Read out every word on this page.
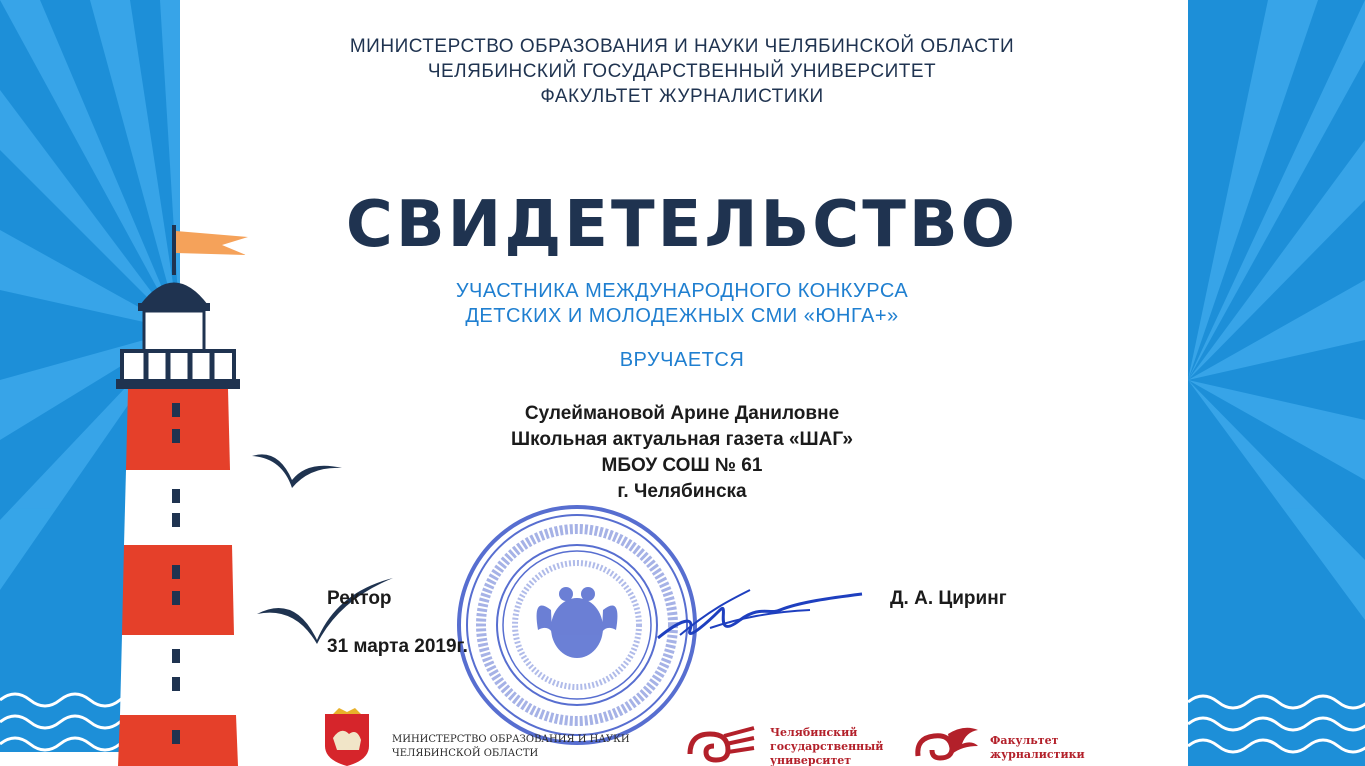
МИНИСТЕРСТВО ОБРАЗОВАНИЯ И НАУКИ ЧЕЛЯБИНСКОЙ ОБЛАСТИ
ЧЕЛЯБИНСКИЙ ГОСУДАРСТВЕННЫЙ УНИВЕРСИТЕТ
ФАКУЛЬТЕТ ЖУРНАЛИСТИКИ
СВИДЕТЕЛЬСТВО
УЧАСТНИКА МЕЖДУНАРОДНОГО КОНКУРСА
ДЕТСКИХ И МОЛОДЕЖНЫХ СМИ «ЮНГА+»
ВРУЧАЕТСЯ
Сулеймановой Арине Даниловне
Школьная актуальная газета «ШАГ»
МБОУ СОШ № 61
г. Челябинска
Ректор	Д. А. Циринг
31 марта 2019г.
МИНИСТЕРСТВО ОБРАЗОВАНИЯ И НАУКИ
ЧЕЛЯБИНСКОЙ ОБЛАСТИ
Челябинский
государственный
университет
Факультет
журналистики
